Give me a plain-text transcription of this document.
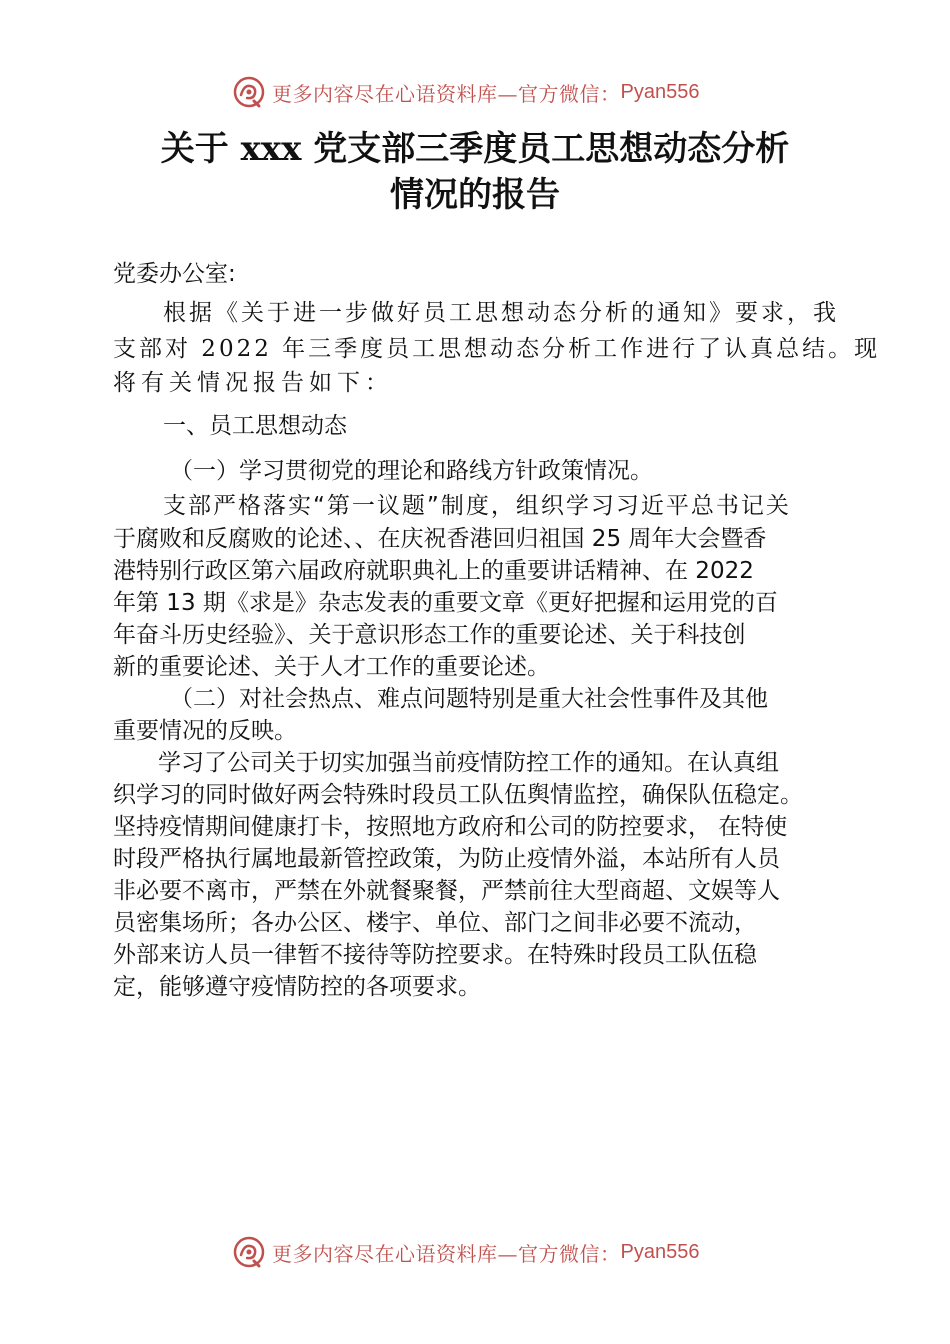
更多内容尽在心语资料库—官方微信： Pyan556
关于 xxx 党支部三季度员工思想动态分析
情况的报告
党委办公室:
根据《关于进一步做好员工思想动态分析的通知》要求，我
支部对 2022 年三季度员工思想动态分析工作进行了认真总结。现
将有关情况报告如下：
一、员工思想动态
（一）学习贯彻党的理论和路线方针政策情况。
支部严格落实“第一议题”制度，组织学习习近平总书记关
于腐败和反腐败的论述、、在庆祝香港回归祖国 25 周年大会暨香
港特别行政区第六届政府就职典礼上的重要讲话精神、在 2022
年第 13 期《求是》杂志发表的重要文章《更好把握和运用党的百
年奋斗历史经验》、关于意识形态工作的重要论述、关于科技创
新的重要论述、关于人才工作的重要论述。
（二）对社会热点、难点问题特别是重大社会性事件及其他
重要情况的反映。
学习了公司关于切实加强当前疫情防控工作的通知。在认真组
织学习的同时做好两会特殊时段员工队伍舆情监控，确保队伍稳定。
坚持疫情期间健康打卡，按照地方政府和公司的防控要求， 在特使
时段严格执行属地最新管控政策，为防止疫情外溢，本站所有人员
非必要不离市，严禁在外就餐聚餐，严禁前往大型商超、文娱等人
员密集场所；各办公区、楼宇、单位、部门之间非必要不流动，
外部来访人员一律暂不接待等防控要求。在特殊时段员工队伍稳
定，能够遵守疫情防控的各项要求。
更多内容尽在心语资料库—官方微信： Pyan556
